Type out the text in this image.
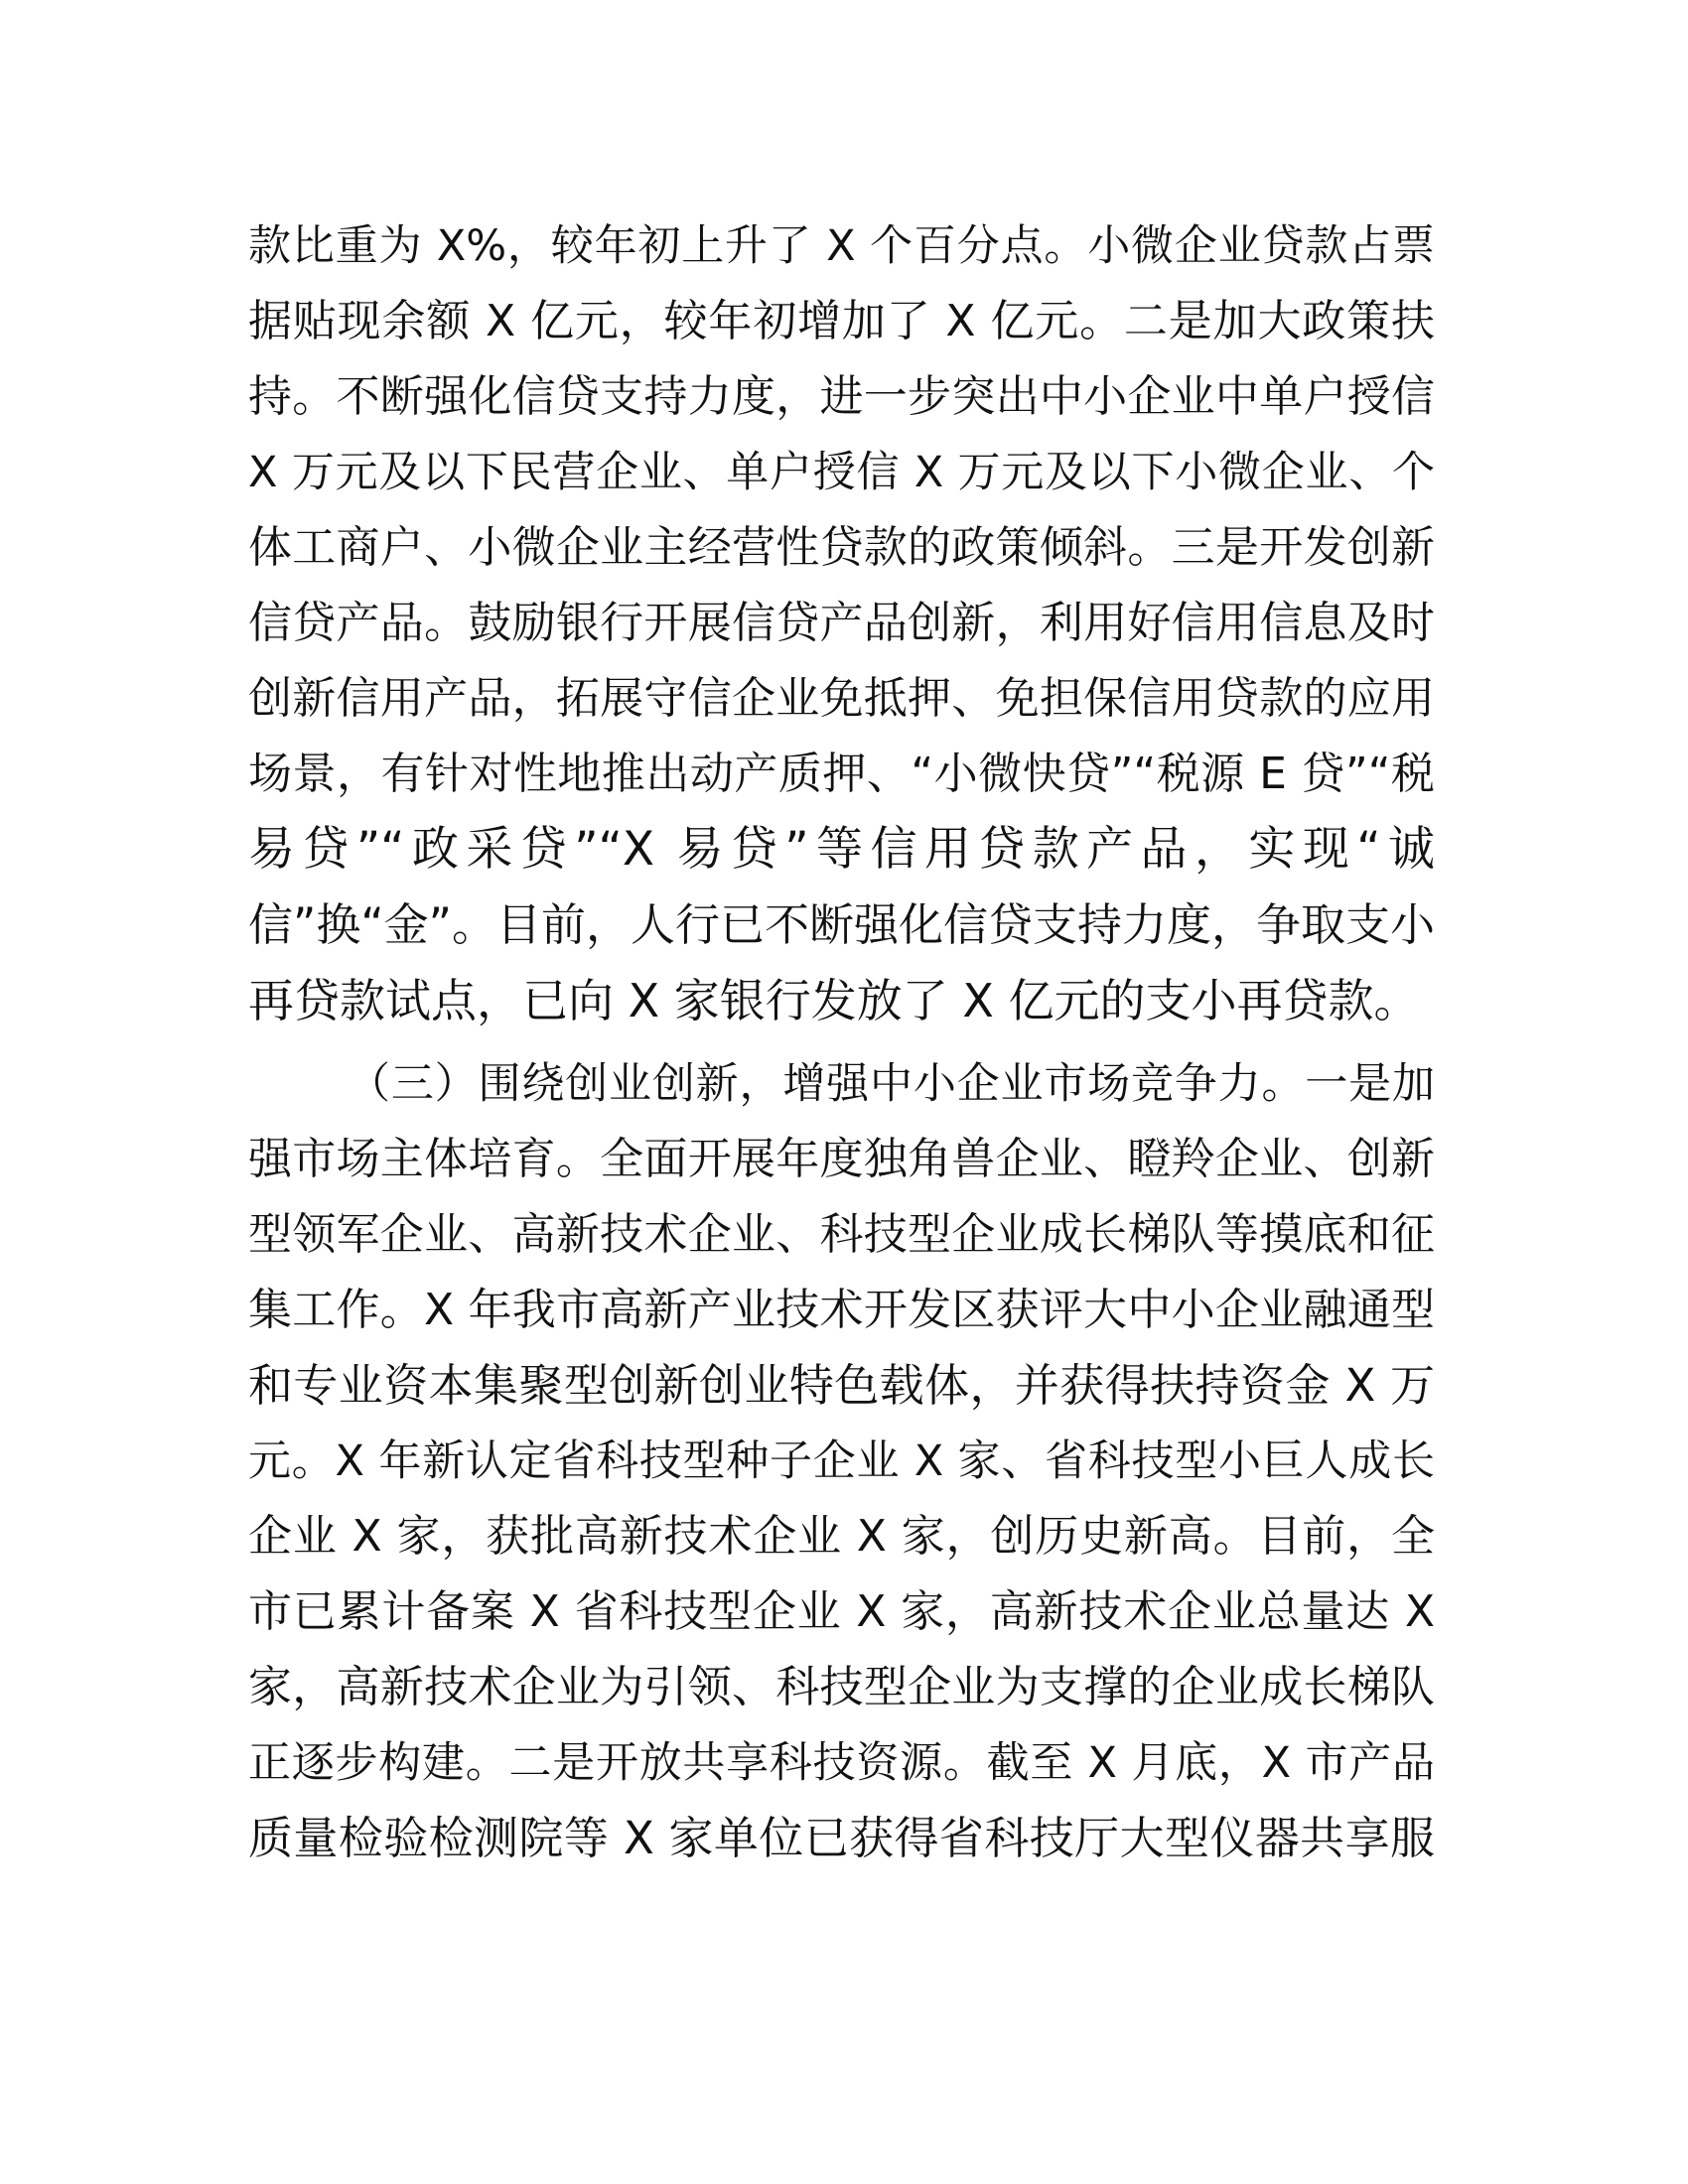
款比重为 X%，较年初上升了 X 个百分点。小微企业贷款占票
据贴现余额 X 亿元，较年初增加了 X 亿元。二是加大政策扶
持。不断强化信贷支持力度，进一步突出中小企业中单户授信
X 万元及以下民营企业、单户授信 X 万元及以下小微企业、个
体工商户、小微企业主经营性贷款的政策倾斜。三是开发创新
信贷产品。鼓励银行开展信贷产品创新，利用好信用信息及时
创新信用产品，拓展守信企业免抵押、免担保信用贷款的应用
场景，有针对性地推出动产质押、“小微快贷”“税源 E 贷”“税
易贷”“政采贷”“X 易贷”等信用贷款产品，实现“诚
信”换“金”。目前，人行已不断强化信贷支持力度，争取支小
再贷款试点，已向 X 家银行发放了 X 亿元的支小再贷款。
（三）围绕创业创新，增强中小企业市场竞争力。一是加
强市场主体培育。全面开展年度独角兽企业、瞪羚企业、创新
型领军企业、高新技术企业、科技型企业成长梯队等摸底和征
集工作。X 年我市高新产业技术开发区获评大中小企业融通型
和专业资本集聚型创新创业特色载体，并获得扶持资金 X 万
元。X 年新认定省科技型种子企业 X 家、省科技型小巨人成长
企业 X 家，获批高新技术企业 X 家，创历史新高。目前，全
市已累计备案 X 省科技型企业 X 家，高新技术企业总量达 X
家，高新技术企业为引领、科技型企业为支撑的企业成长梯队
正逐步构建。二是开放共享科技资源。截至 X 月底，X 市产品
质量检验检测院等 X 家单位已获得省科技厅大型仪器共享服
